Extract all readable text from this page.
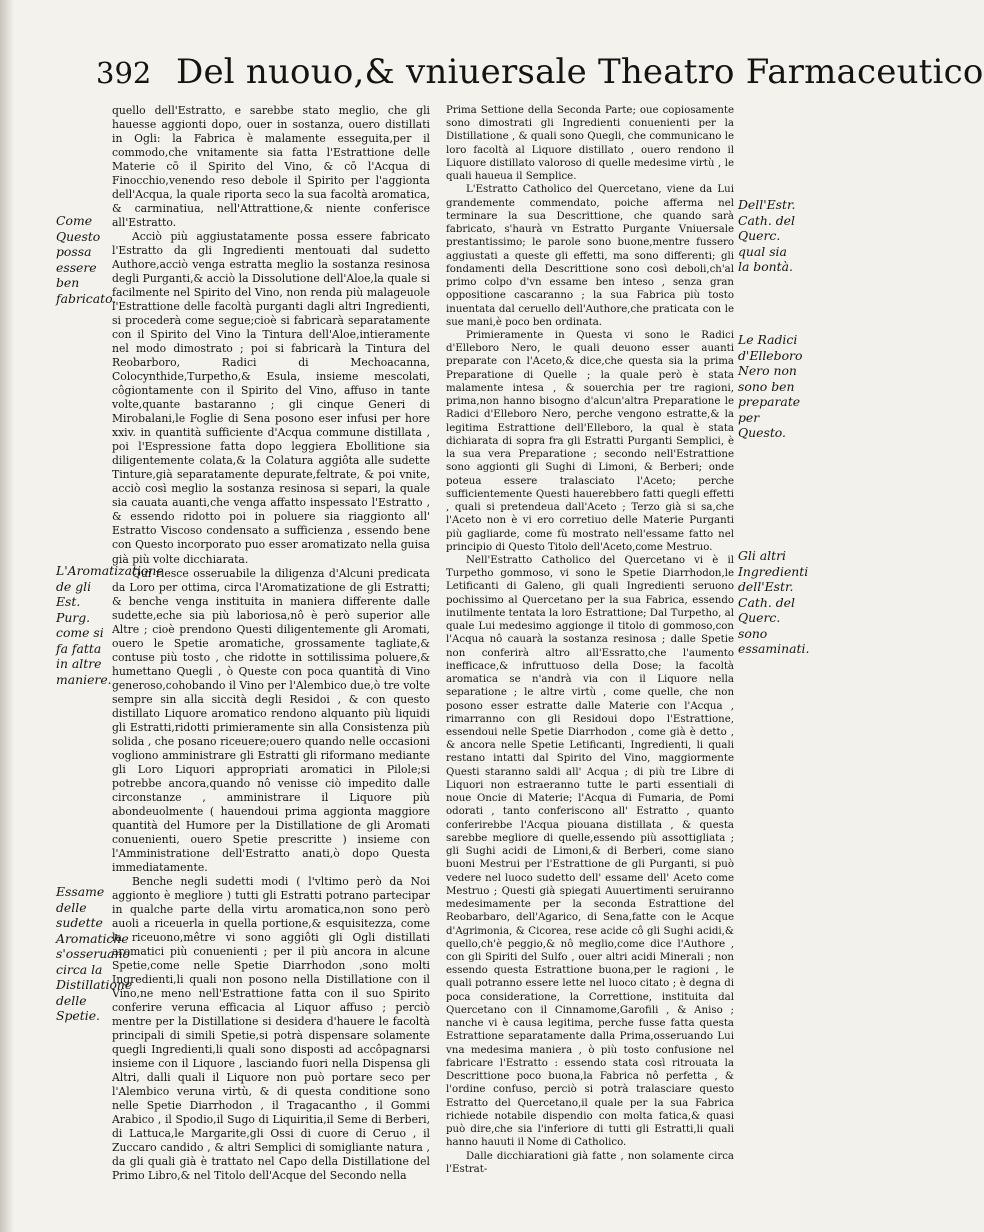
392 Del nuouo,& vniuersale Theatro Farmaceutico

quello dell'Estratto, e sarebbe stato meglio, che gli hauesse aggionti dopo, ouer in sostanza, ouero distillati in Ogli: la Fabrica è malamente esseguita,per il commodo,che vnitamente sia fatta l'Estrattione delle Materie cō il Spirito del Vino, & cō l'Acqua di Finocchio,venendo reso debole il Spirito per l'aggionta dell'Acqua, la quale riporta seco la sua facoltà aromatica, & carminatiua, nell'Attrattione,& niente conferisce all'Estratto.

Acciò più aggiustatamente possa essere fabricato l'Estratto da gli Ingredienti mentouati dal sudetto Authore,acciò venga estratta meglio la sostanza resinosa degli Purganti,& acciò la Dissolutione dell'Aloe,la quale si facilmente nel Spirito del Vino, non renda più malageuole l'Estrattione delle facoltà purganti dagli altri Ingredienti, si procederà come segue;cioè si fabricarà separatamente con il Spirito del Vino la Tintura dell'Aloe,intieramente nel modo dimostrato ; poi si fabricarà la Tintura del Reobarboro, Radici di Mechoacanna, Colocynthide,Turpetho,& Esula, insieme mescolati, côgiontamente con il Spirito del Vino, affuso in tante volte,quante bastaranno ; gli cinque Generi di Mirobalani,le Foglie di Sena posono eser infusi per hore xxiv. in quantità sufficiente d'Acqua commune distillata , poi l'Espressione fatta dopo leggiera Ebollitione sia diligentemente colata,& la Colatura aggiôta alle sudette Tinture,già separatamente depurate,feltrate, & poi vnite, acciò così meglio la sostanza resinosa si separi, la quale sia cauata auanti,che venga affatto inspessato l'Estratto , & essendo ridotto poi in poluere sia riaggionto all' Estratto Viscoso condensato a sufficienza , essendo bene con Questo incorporato puo esser aromatizato nella guisa già più volte dicchiarata.

Qui riesce osseruabile la diligenza d'Alcuni predicata da Loro per ottima, circa l'Aromatizatione de gli Estratti; & benche venga instituita in maniera differente dalle sudette,eche sia più laboriosa,nô è però superior alle Altre ; cioè prendono Questi diligentemente gli Aromati, ouero le Spetie aromatiche, grossamente tagliate,& contuse più tosto , che ridotte in sottilissima poluere,& humettano Quegli , ò Queste con poca quantità di Vino generoso,cohobando il Vino per l'Alembico due,ò tre volte sempre sin alla siccità degli Residoi , & con questo distillato Liquore aromatico rendono alquanto più liquidi gli Estratti,ridotti primieramente sin alla Consistenza più solida , che posano riceuere;ouero quando nelle occasioni vogliono amministrare gli Estratti gli riformano mediante gli Loro Liquori appropriati aromatici in Pilole;si potrebbe ancora,quando nô venisse ciò impedito dalle circonstanze , amministrare il Liquore più abondeuolmente ( hauendoui prima aggionta maggiore quantità del Humore per la Distillatione de gli Aromati conuenienti, ouero Spetie prescritte ) insieme con l'Amministratione dell'Estratto anati,ò dopo Questa immediatamente.

Benche negli sudetti modi ( l'vltimo però da Noi aggionto è megliore ) tutti gli Estratti potrano partecipar in qualche parte della virtu aromatica,non sono però auoli a riceuerla in quella portione,& esquisitezza, come la riceuono,mêtre vi sono aggiôti gli Ogli distillati aromatici più conuenienti ; per il più ancora in alcune Spetie,come nelle Spetie Diarrhodon ,sono molti Ingredienti,li quali non posono nella Distillatione con il Vino,ne meno nell'Estrattione fatta con il suo Spirito conferire veruna efficacia al Liquor affuso ; perciò mentre per la Distillatione si desidera d'hauere le facoltà principali di simili Spetie,si potrà dispensare solamente quegli Ingredienti,li quali sono disposti ad accôpagnarsi insieme con il Liquore , lasciando fuori nella Dispensa gli Altri, dalli quali il Liquore non può portare seco per l'Alembico veruna virtù, & di questa conditione sono nelle Spetie Diarrhodon , il Tragacantho , il Gommi Arabico , il Spodio,il Sugo di Liquiritia,il Seme di Berberi, di Lattuca,le Margarite,gli Ossi di cuore di Ceruo , il Zuccaro candido , & altri Semplici di somigliante natura , da gli quali già è trattato nel Capo della Distillatione del Primo Libro,& nel Titolo dell'Acque del Secondo nella

Prima Settione della Seconda Parte; oue copiosamente sono dimostrati gli Ingredienti conuenienti per la Distillatione , & quali sono Quegli, che communicano le loro facoltà al Liquore distillato , ouero rendono il Liquore distillato valoroso di quelle medesime virtù , le quali haueua il Semplice.

L'Estratto Catholico del Quercetano, viene da Lui grandemente commendato, poiche afferma nel terminare la sua Descrittione, che quando sarà fabricato, s'haurà vn Estratto Purgante Vniuersale prestantissimo; le parole sono buone,mentre fussero aggiustati a queste gli effetti, ma sono differenti; gli fondamenti della Descrittione sono così deboli,ch'al primo colpo d'vn essame ben inteso , senza gran oppositione cascaranno ; la sua Fabrica più tosto inuentata dal ceruello dell'Authore,che praticata con le sue mani,è poco ben ordinata.

Primieramente in Questa vi sono le Radici d'Elleboro Nero, le quali deuono esser auanti preparate con l'Aceto,& dice,che questa sia la prima Preparatione di Quelle ; la quale però è stata malamente intesa , & souerchia per tre ragioni, prima,non hanno bisogno d'alcun'altra Preparatione le Radici d'Elleboro Nero, perche vengono estratte,& la legitima Estrattione dell'Elleboro, la qual è stata dichiarata di sopra fra gli Estratti Purganti Semplici, è la sua vera Preparatione ; secondo nell'Estrattione sono aggionti gli Sughi di Limoni, & Berberi; onde poteua essere tralasciato l'Aceto; perche sufficientemente Questi hauerebbero fatti quegli effetti , quali si pretendeua dall'Aceto ; Terzo già si sa,che l'Aceto non è vi ero corretiuo delle Materie Purganti più gagliarde, come fù mostrato nell'essame fatto nel principio di Questo Titolo dell'Aceto,come Mestruo.

Nell'Estratto Catholico del Quercetano vi è il Turpetho gommoso, vi sono le Spetie Diarrhodon,le Letificanti di Galeno, gli quali Ingredienti seruono pochissimo al Quercetano per la sua Fabrica, essendo inutilmente tentata la loro Estrattione; Dal Turpetho, al quale Lui medesimo aggionge il titolo di gommoso,con l'Acqua nô cauarà la sostanza resinosa ; dalle Spetie non conferirà altro all'Essratto,che l'aumento inefficace,& infruttuoso della Dose; la facoltà aromatica se n'andrà via con il Liquore nella separatione ; le altre virtù , come quelle, che non posono esser estratte dalle Materie con l'Acqua , rimarranno con gli Residoui dopo l'Estrattione, essendoui nelle Spetie Diarrhodon , come già è detto , & ancora nelle Spetie Letificanti, Ingredienti, li quali restano intatti dal Spirito del Vino, maggiormente Questi staranno saldi all' Acqua ; di più tre Libre di Liquori non estraeranno tutte le parti essentiali di noue Oncie di Materie; l'Acqua di Fumaria, de Pomi odorati , tanto conferiscono all' Estratto , quanto conferirebbe l'Acqua piouana distillata , & questa sarebbe megliore di quelle,essendo più assottigliata ; gli Sughi acidi de Limoni,& di Berberi, come siano buoni Mestrui per l'Estrattione de gli Purganti, si può vedere nel luoco sudetto dell' essame dell' Aceto come Mestruo ; Questi già spiegati Auuertimenti seruiranno medesimamente per la seconda Estrattione del Reobarbaro, dell'Agarico, di Sena,fatte con le Acque d'Agrimonia, & Cicorea, rese acide cô gli Sughi acidi,& quello,ch'è peggio,& nô meglio,come dice l'Authore , con gli Spiriti del Sulfo , ouer altri acidi Minerali ; non essendo questa Estrattione buona,per le ragioni , le quali potranno essere lette nel luoco citato ; è degna di poca consideratione, la Correttione, instituita dal Quercetano con il Cinnamome,Garofili , & Aniso ; nanche vi è causa legitima, perche fusse fatta questa Estrattione separatamente dalla Prima,osseruando Lui vna medesima maniera , ò più tosto confusione nel fabricare l'Estratto : essendo stata così ritrouata la Descrittione poco buona,la Fabrica nô perfetta , & l'ordine confuso, perciò si potrà tralasciare questo Estratto del Quercetano,il quale per la sua Fabrica richiede notabile dispendio con molta fatica,& quasi può dire,che sia l'inferiore di tutti gli Estratti,li quali hanno hauuti il Nome di Catholico.

Dalle dicchiarationi già fatte , non solamente circa l'Estrat-

Come Questo possa essere ben fabricato.
L'Aromatizatione de gli Est. Purg. come si fa fatta in altre maniere.
Essame delle sudette Aromatiche s'osseruano circa la Distillatione delle Spetie.
Dell'Estr. Cath. del Querc. qual sia la bontà.
Le Radici d'Elleboro Nero non sono ben preparate per Questo.
Gli altri Ingredienti dell'Estr. Cath. del Querc. sono essaminati.
